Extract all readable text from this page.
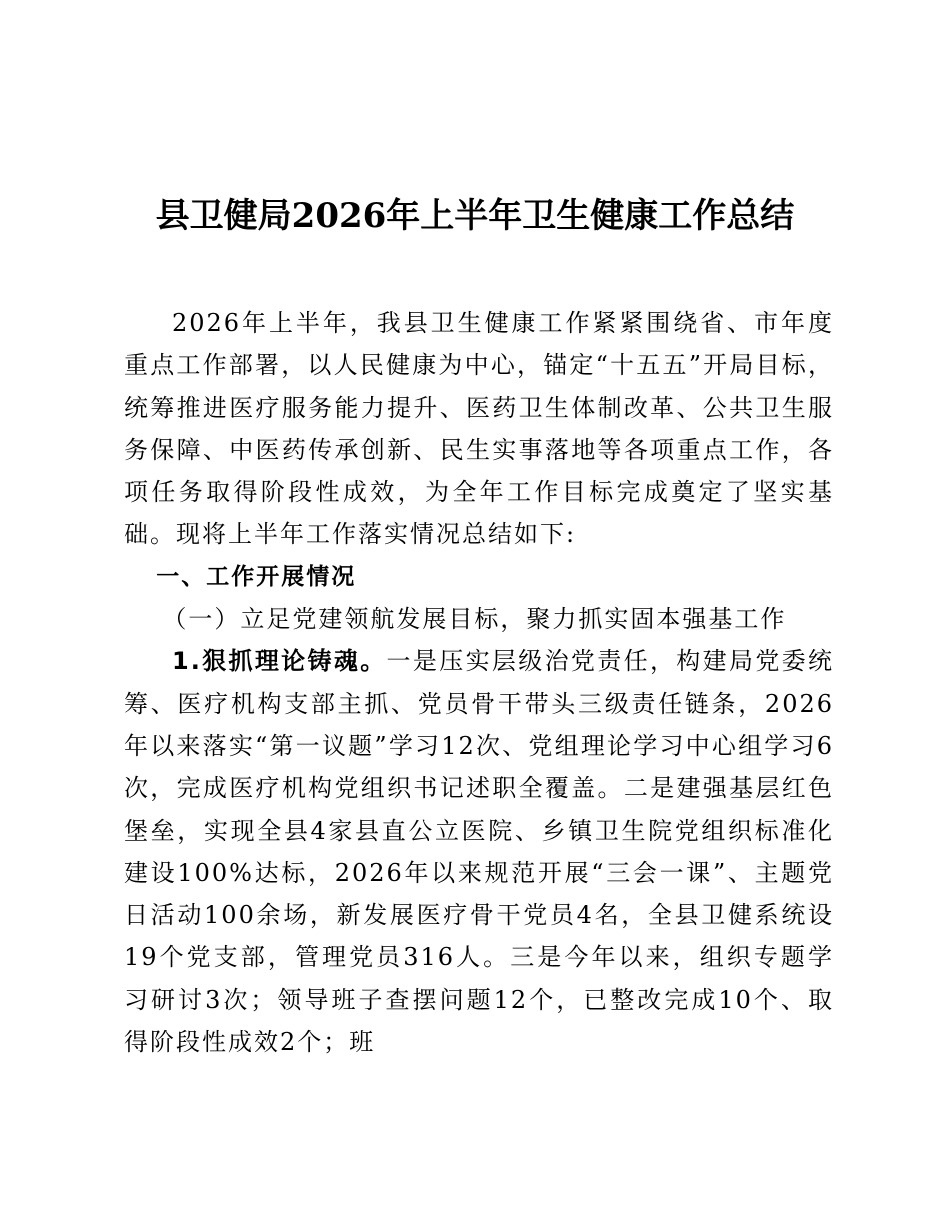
县卫健局2026年上半年卫生健康工作总结

2026年上半年，我县卫生健康工作紧紧围绕省、市年度重点工作部署，以人民健康为中心，锚定“十五五”开局目标，统筹推进医疗服务能力提升、医药卫生体制改革、公共卫生服务保障、中医药传承创新、民生实事落地等各项重点工作，各项任务取得阶段性成效，为全年工作目标完成奠定了坚实基础。现将上半年工作落实情况总结如下:

一、工作开展情况

（一）立足党建领航发展目标，聚力抓实固本强基工作

1.狠抓理论铸魂。一是压实层级治党责任，构建局党委统筹、医疗机构支部主抓、党员骨干带头三级责任链条，2026年以来落实“第一议题”学习12次、党组理论学习中心组学习6次，完成医疗机构党组织书记述职全覆盖。二是建强基层红色堡垒，实现全县4家县直公立医院、乡镇卫生院党组织标准化建设100%达标，2026年以来规范开展“三会一课”、主题党日活动100余场，新发展医疗骨干党员4名，全县卫健系统设19个党支部，管理党员316人。三是今年以来，组织专题学习研讨3次；领导班子查摆问题12个，已整改完成10个、取得阶段性成效2个；班
